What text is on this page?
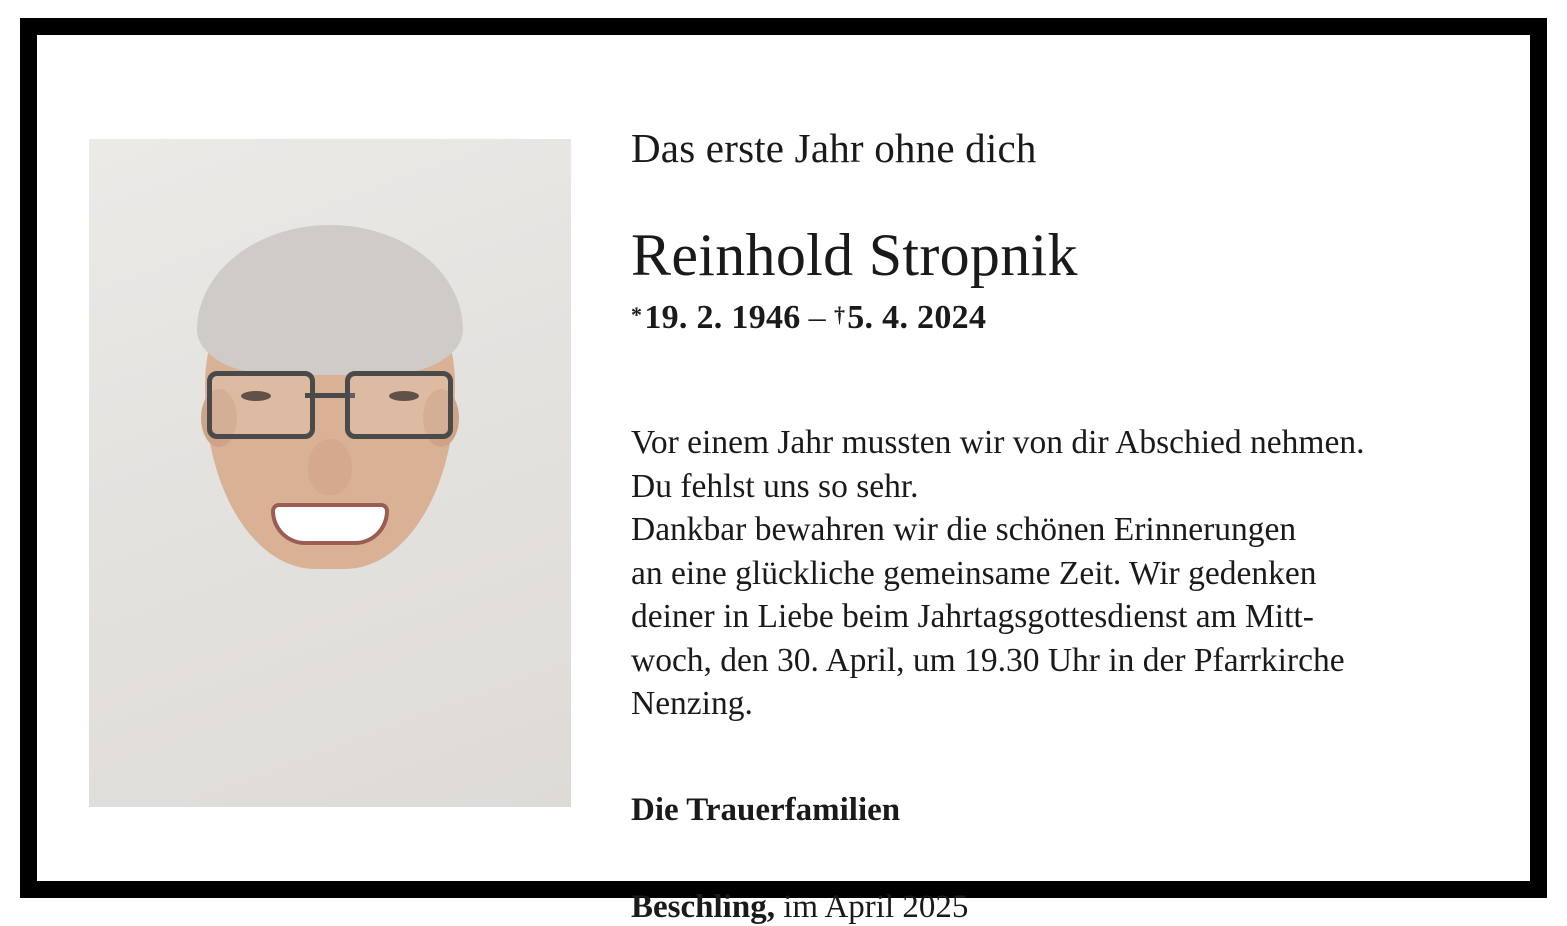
Das erste Jahr ohne dich

Reinhold Stropnik

*19. 2. 1946 – †5. 4. 2024

Vor einem Jahr mussten wir von dir Abschied nehmen.
Du fehlst uns so sehr.
Dankbar bewahren wir die schönen Erinnerungen
an eine glückliche gemeinsame Zeit. Wir gedenken
deiner in Liebe beim Jahrtagsgottesdienst am Mitt-
woch, den 30. April, um 19.30 Uhr in der Pfarrkirche
Nenzing.

Die Trauerfamilien

Beschling, im April 2025
